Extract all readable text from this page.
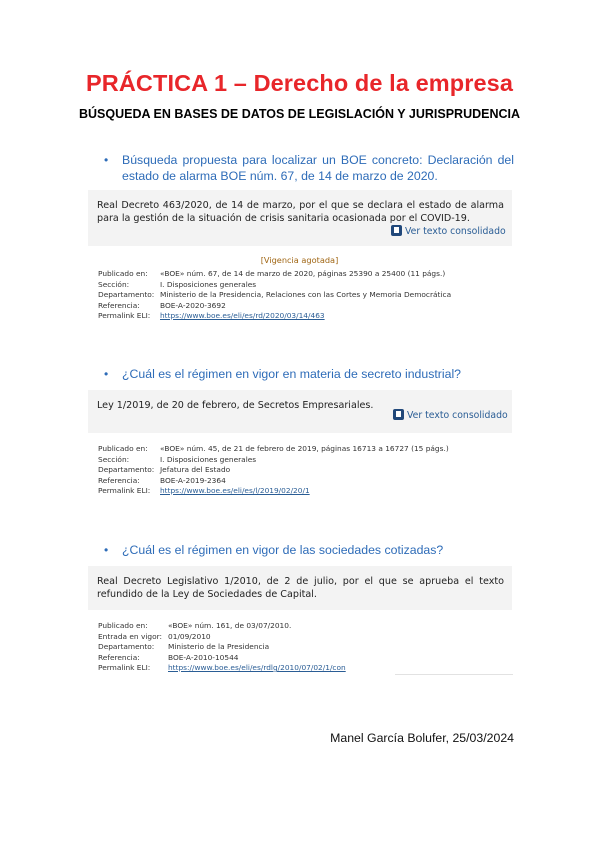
PRÁCTICA 1 – Derecho de la empresa
BÚSQUEDA EN BASES DE DATOS DE LEGISLACIÓN Y JURISPRUDENCIA
• Búsqueda propuesta para localizar un BOE concreto: Declaración del estado de alarma BOE núm. 67, de 14 de marzo de 2020.
Real Decreto 463/2020, de 14 de marzo, por el que se declara el estado de alarma para la gestión de la situación de crisis sanitaria ocasionada por el COVID-19.
Ver texto consolidado
[Vigencia agotada]
Publicado en: «BOE» núm. 67, de 14 de marzo de 2020, páginas 25390 a 25400 (11 págs.)
Sección:	I. Disposiciones generales
Departamento: Ministerio de la Presidencia, Relaciones con las Cortes y Memoria Democrática
Referencia:	BOE-A-2020-3692
Permalink ELI: https://www.boe.es/eli/es/rd/2020/03/14/463
• ¿Cuál es el régimen en vigor en materia de secreto industrial?
Ley 1/2019, de 20 de febrero, de Secretos Empresariales.
Ver texto consolidado
Publicado en: «BOE» núm. 45, de 21 de febrero de 2019, páginas 16713 a 16727 (15 págs.)
Sección:	I. Disposiciones generales
Departamento: Jefatura del Estado
Referencia:	BOE-A-2019-2364
Permalink ELI: https://www.boe.es/eli/es/l/2019/02/20/1
• ¿Cuál es el régimen en vigor de las sociedades cotizadas?
Real Decreto Legislativo 1/2010, de 2 de julio, por el que se aprueba el texto refundido de la Ley de Sociedades de Capital.
Publicado en:	«BOE» núm. 161, de 03/07/2010.
Entrada en vigor: 01/09/2010
Departamento: Ministerio de la Presidencia
Referencia:	BOE-A-2010-10544
Permalink ELI: https://www.boe.es/eli/es/rdlg/2010/07/02/1/con
Manel García Bolufer, 25/03/2024
